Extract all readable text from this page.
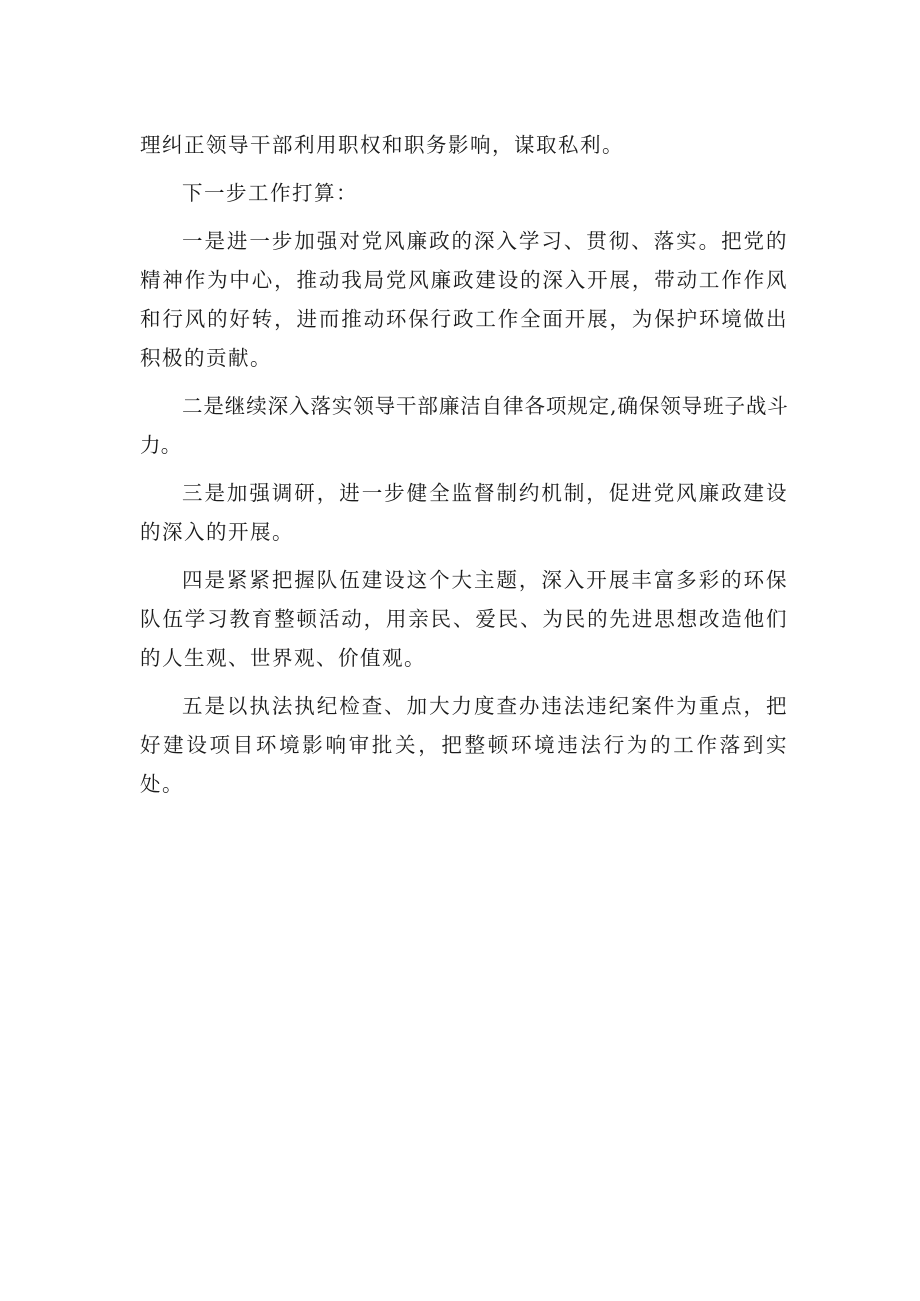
理纠正领导干部利用职权和职务影响，谋取私利。

下一步工作打算：

一是进一步加强对党风廉政的深入学习、贯彻、落实。把党的精神作为中心，推动我局党风廉政建设的深入开展，带动工作作风和行风的好转，进而推动环保行政工作全面开展，为保护环境做出积极的贡献。

二是继续深入落实领导干部廉洁自律各项规定,确保领导班子战斗力。

三是加强调研，进一步健全监督制约机制，促进党风廉政建设的深入的开展。

四是紧紧把握队伍建设这个大主题，深入开展丰富多彩的环保队伍学习教育整顿活动，用亲民、爱民、为民的先进思想改造他们的人生观、世界观、价值观。

五是以执法执纪检查、加大力度查办违法违纪案件为重点，把好建设项目环境影响审批关，把整顿环境违法行为的工作落到实处。
